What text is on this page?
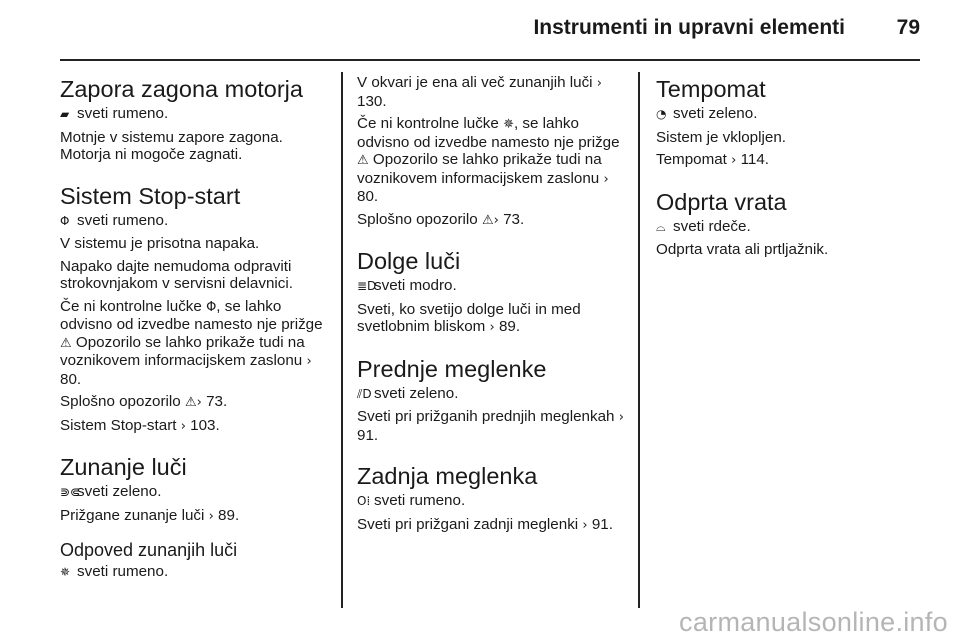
Instrumenti in upravni elementi 79
Zapora zagona motorja

▰ sveti rumeno.

Motnje v sistemu zapore zagona. Motorja ni mogoče zagnati.

Sistem Stop-start

Φ sveti rumeno.

V sistemu je prisotna napaka.

Napako dajte nemudoma odpraviti strokovnjakom v servisni delavnici.

Če ni kontrolne lučke Φ, se lahko odvisno od izvedbe namesto nje prižge ⚠ Opozorilo se lahko prikaže tudi na voznikovem informacijskem zaslonu › 80.

Splošno opozorilo ⚠› 73.

Sistem Stop-start › 103.

Zunanje luči

⋑⋐sveti zeleno.

Prižgane zunanje luči › 89.

Odpoved zunanjih luči

✵ sveti rumeno.

V okvari je ena ali več zunanjih luči › 130.

Če ni kontrolne lučke ✵, se lahko odvisno od izvedbe namesto nje prižge ⚠ Opozorilo se lahko prikaže tudi na voznikovem informacijskem zaslonu › 80.

Splošno opozorilo ⚠› 73.

Dolge luči

≣Dsveti modro.

Sveti, ko svetijo dolge luči in med svetlobnim bliskom › 89.

Prednje meglenke

⫽D sveti zeleno.

Sveti pri prižganih prednjih meglenkah › 91.

Zadnja meglenka

O⁞ sveti rumeno.

Sveti pri prižgani zadnji meglenki › 91.

Tempomat

◔ sveti zeleno.

Sistem je vklopljen.

Tempomat › 114.

Odprta vrata

⌓ sveti rdeče.

Odprta vrata ali prtljažnik.

carmanualsonline.info
